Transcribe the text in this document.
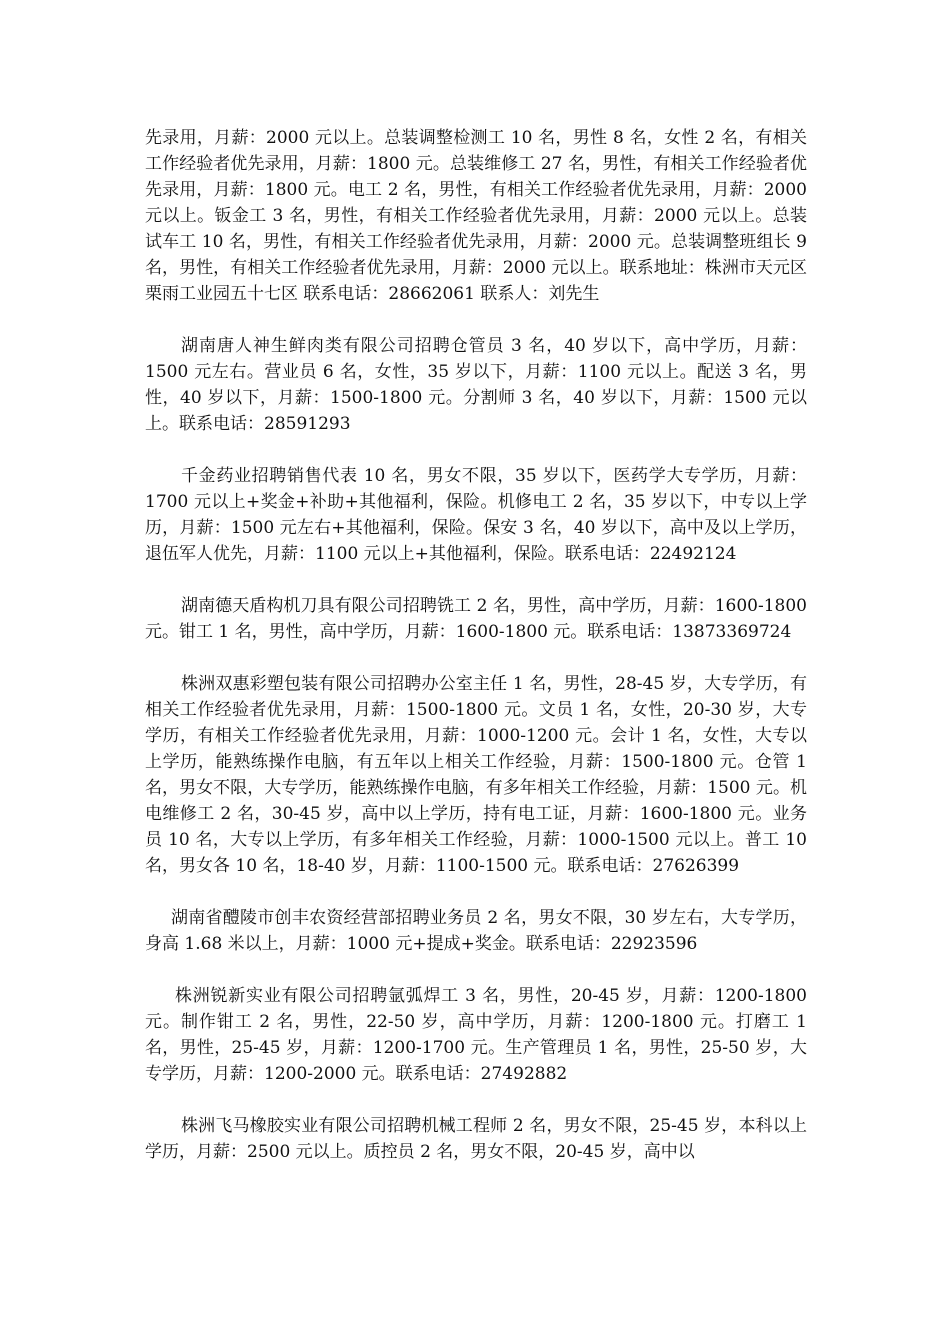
先录用，月薪：2000 元以上。总装调整检测工 10 名，男性 8 名，女性 2 名，有相关工作经验者优先录用，月薪：1800 元。总装维修工 27 名，男性，有相关工作经验者优先录用，月薪：1800 元。电工 2 名，男性，有相关工作经验者优先录用，月薪：2000 元以上。钣金工 3 名，男性，有相关工作经验者优先录用，月薪：2000 元以上。总装试车工 10 名，男性，有相关工作经验者优先录用，月薪：2000 元。总装调整班组长 9 名，男性，有相关工作经验者优先录用，月薪：2000 元以上。联系地址：株洲市天元区栗雨工业园五十七区 联系电话：28662061 联系人：刘先生

湖南唐人神生鲜肉类有限公司招聘仓管员 3 名，40 岁以下，高中学历，月薪：1500 元左右。营业员 6 名，女性，35 岁以下，月薪：1100 元以上。配送 3 名，男性，40 岁以下，月薪：1500-1800 元。分割师 3 名，40 岁以下，月薪：1500 元以上。联系电话：28591293

千金药业招聘销售代表 10 名，男女不限，35 岁以下，医药学大专学历，月薪：1700 元以上+奖金+补助+其他福利，保险。机修电工 2 名，35 岁以下，中专以上学历，月薪：1500 元左右+其他福利，保险。保安 3 名，40 岁以下，高中及以上学历，退伍军人优先，月薪：1100 元以上+其他福利，保险。联系电话：22492124

湖南德天盾构机刀具有限公司招聘铣工 2 名，男性，高中学历，月薪：1600-1800 元。钳工 1 名，男性，高中学历，月薪：1600-1800 元。联系电话：13873369724

株洲双惠彩塑包装有限公司招聘办公室主任 1 名，男性，28-45 岁，大专学历，有相关工作经验者优先录用，月薪：1500-1800 元。文员 1 名，女性，20-30 岁，大专学历，有相关工作经验者优先录用，月薪：1000-1200 元。会计 1 名，女性，大专以上学历，能熟练操作电脑，有五年以上相关工作经验，月薪：1500-1800 元。仓管 1 名，男女不限，大专学历，能熟练操作电脑，有多年相关工作经验，月薪：1500 元。机电维修工 2 名，30-45 岁，高中以上学历，持有电工证，月薪：1600-1800 元。业务员 10 名，大专以上学历，有多年相关工作经验，月薪：1000-1500 元以上。普工 10 名，男女各 10 名，18-40 岁，月薪：1100-1500 元。联系电话：27626399

湖南省醴陵市创丰农资经营部招聘业务员 2 名，男女不限，30 岁左右，大专学历，身高 1.68 米以上，月薪：1000 元+提成+奖金。联系电话：22923596

株洲锐新实业有限公司招聘氩弧焊工 3 名，男性，20-45 岁，月薪：1200-1800 元。制作钳工 2 名，男性，22-50 岁，高中学历，月薪：1200-1800 元。打磨工 1 名，男性，25-45 岁，月薪：1200-1700 元。生产管理员 1 名，男性，25-50 岁，大专学历，月薪：1200-2000 元。联系电话：27492882

株洲飞马橡胶实业有限公司招聘机械工程师 2 名，男女不限，25-45 岁，本科以上学历，月薪：2500 元以上。质控员 2 名，男女不限，20-45 岁，高中以
